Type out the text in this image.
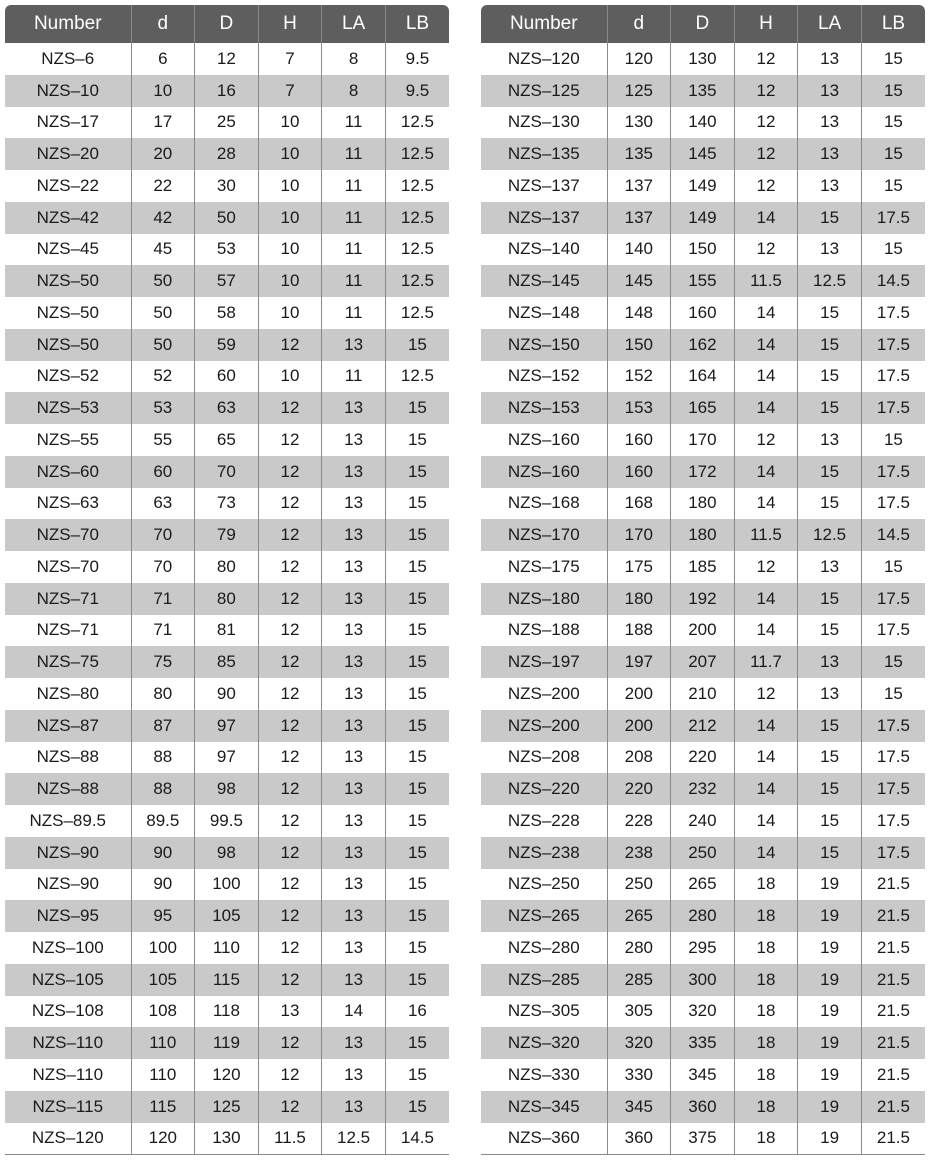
Number	d	D	H	LA	LB
NZS–6	6	12	7	8	9.5
NZS–10	10	16	7	8	9.5
NZS–17	17	25	10	11	12.5
NZS–20	20	28	10	11	12.5
NZS–22	22	30	10	11	12.5
NZS–42	42	50	10	11	12.5
NZS–45	45	53	10	11	12.5
NZS–50	50	57	10	11	12.5
NZS–50	50	58	10	11	12.5
NZS–50	50	59	12	13	15
NZS–52	52	60	10	11	12.5
NZS–53	53	63	12	13	15
NZS–55	55	65	12	13	15
NZS–60	60	70	12	13	15
NZS–63	63	73	12	13	15
NZS–70	70	79	12	13	15
NZS–70	70	80	12	13	15
NZS–71	71	80	12	13	15
NZS–71	71	81	12	13	15
NZS–75	75	85	12	13	15
NZS–80	80	90	12	13	15
NZS–87	87	97	12	13	15
NZS–88	88	97	12	13	15
NZS–88	88	98	12	13	15
NZS–89.5	89.5	99.5	12	13	15
NZS–90	90	98	12	13	15
NZS–90	90	100	12	13	15
NZS–95	95	105	12	13	15
NZS–100	100	110	12	13	15
NZS–105	105	115	12	13	15
NZS–108	108	118	13	14	16
NZS–110	110	119	12	13	15
NZS–110	110	120	12	13	15
NZS–115	115	125	12	13	15
NZS–120	120	130	11.5	12.5	14.5
Number	d	D	H	LA	LB
NZS–120	120	130	12	13	15
NZS–125	125	135	12	13	15
NZS–130	130	140	12	13	15
NZS–135	135	145	12	13	15
NZS–137	137	149	12	13	15
NZS–137	137	149	14	15	17.5
NZS–140	140	150	12	13	15
NZS–145	145	155	11.5	12.5	14.5
NZS–148	148	160	14	15	17.5
NZS–150	150	162	14	15	17.5
NZS–152	152	164	14	15	17.5
NZS–153	153	165	14	15	17.5
NZS–160	160	170	12	13	15
NZS–160	160	172	14	15	17.5
NZS–168	168	180	14	15	17.5
NZS–170	170	180	11.5	12.5	14.5
NZS–175	175	185	12	13	15
NZS–180	180	192	14	15	17.5
NZS–188	188	200	14	15	17.5
NZS–197	197	207	11.7	13	15
NZS–200	200	210	12	13	15
NZS–200	200	212	14	15	17.5
NZS–208	208	220	14	15	17.5
NZS–220	220	232	14	15	17.5
NZS–228	228	240	14	15	17.5
NZS–238	238	250	14	15	17.5
NZS–250	250	265	18	19	21.5
NZS–265	265	280	18	19	21.5
NZS–280	280	295	18	19	21.5
NZS–285	285	300	18	19	21.5
NZS–305	305	320	18	19	21.5
NZS–320	320	335	18	19	21.5
NZS–330	330	345	18	19	21.5
NZS–345	345	360	18	19	21.5
NZS–360	360	375	18	19	21.5
